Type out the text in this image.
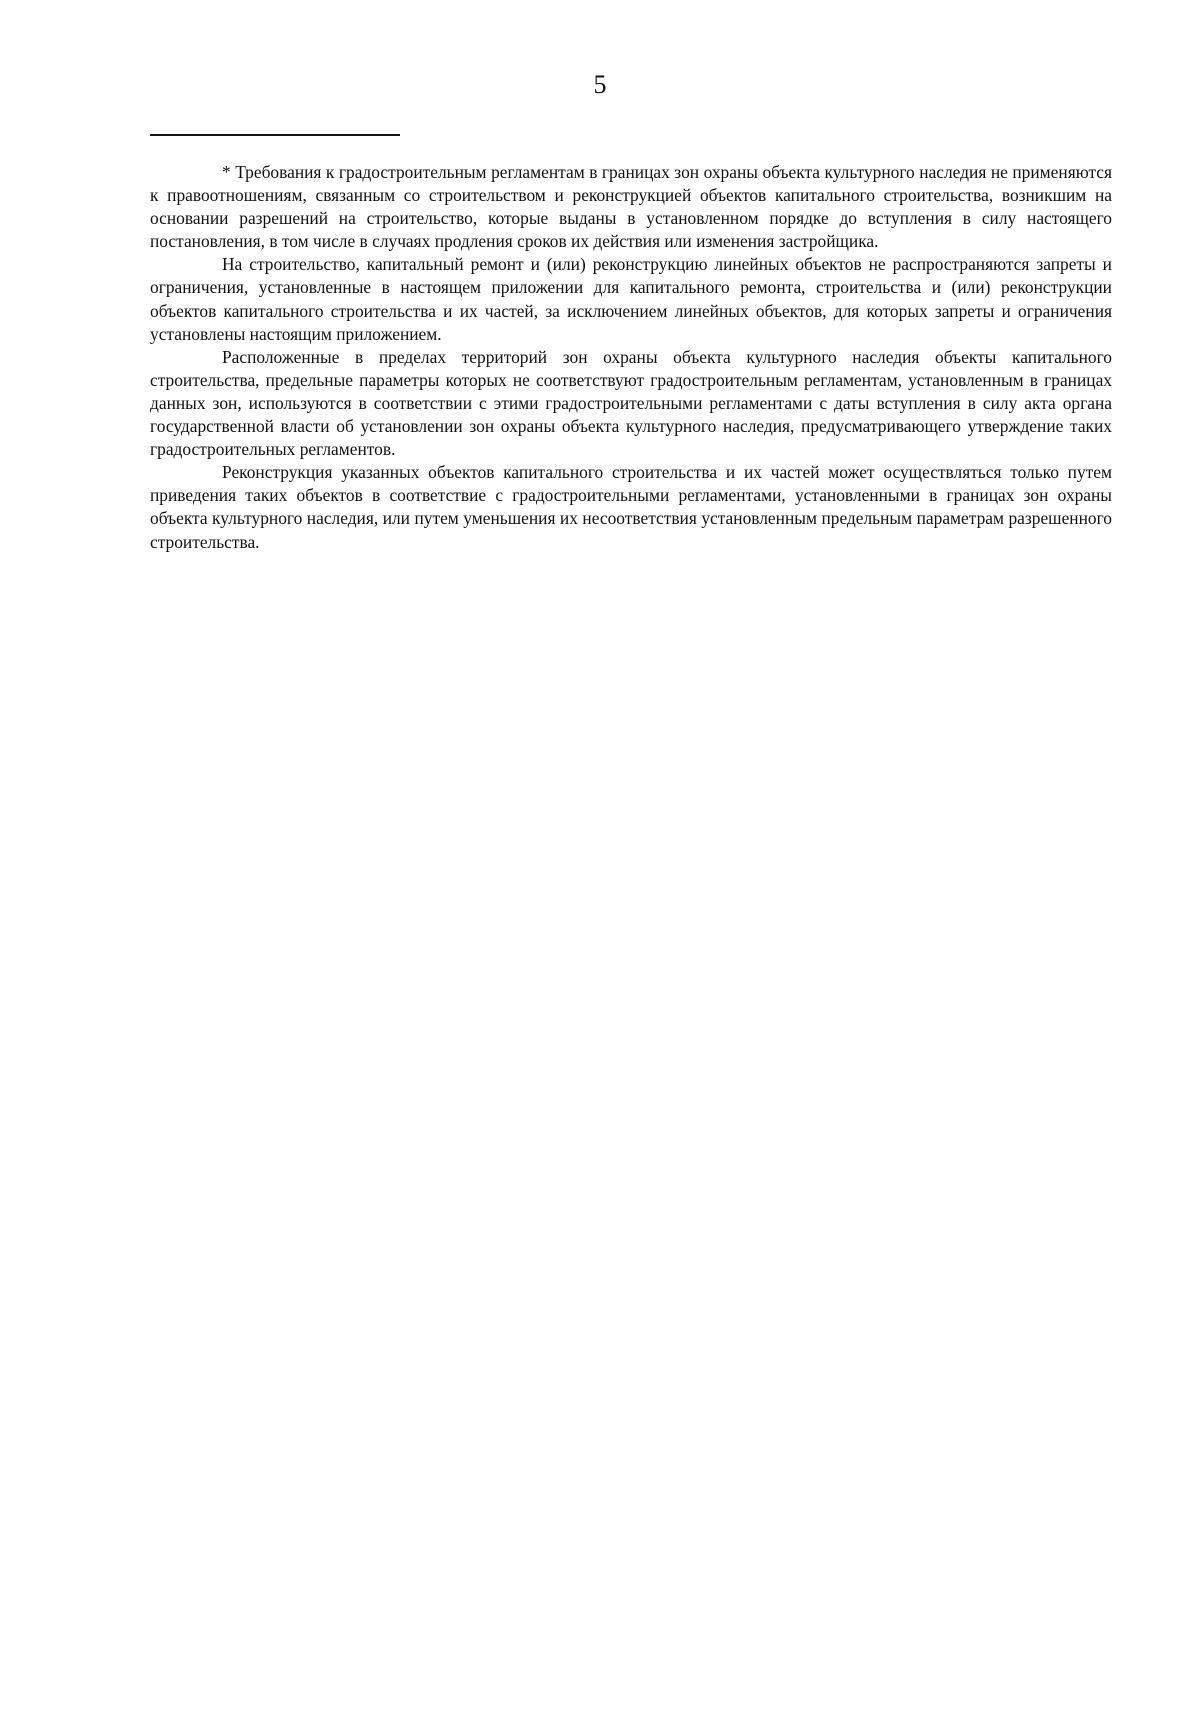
5

* Требования к градостроительным регламентам в границах зон охраны объекта культурного наследия не применяются к правоотношениям, связанным со строительством и реконструкцией объектов капитального строительства, возникшим на основании разрешений на строительство, которые выданы в установленном порядке до вступления в силу настоящего постановления, в том числе в случаях продления сроков их действия или изменения застройщика.

На строительство, капитальный ремонт и (или) реконструкцию линейных объектов не распространяются запреты и ограничения, установленные в настоящем приложении для капитального ремонта, строительства и (или) реконструкции объектов капитального строительства и их частей, за исключением линейных объектов, для которых запреты и ограничения установлены настоящим приложением.

Расположенные в пределах территорий зон охраны объекта культурного наследия объекты капитального строительства, предельные параметры которых не соответствуют градостроительным регламентам, установленным в границах данных зон, используются в соответствии с этими градостроительными регламентами с даты вступления в силу акта органа государственной власти об установлении зон охраны объекта культурного наследия, предусматривающего утверждение таких градостроительных регламентов.

Реконструкция указанных объектов капитального строительства и их частей может осуществляться только путем приведения таких объектов в соответствие с градостроительными регламентами, установленными в границах зон охраны объекта культурного наследия, или путем уменьшения их несоответствия установленным предельным параметрам разрешенного строительства.
